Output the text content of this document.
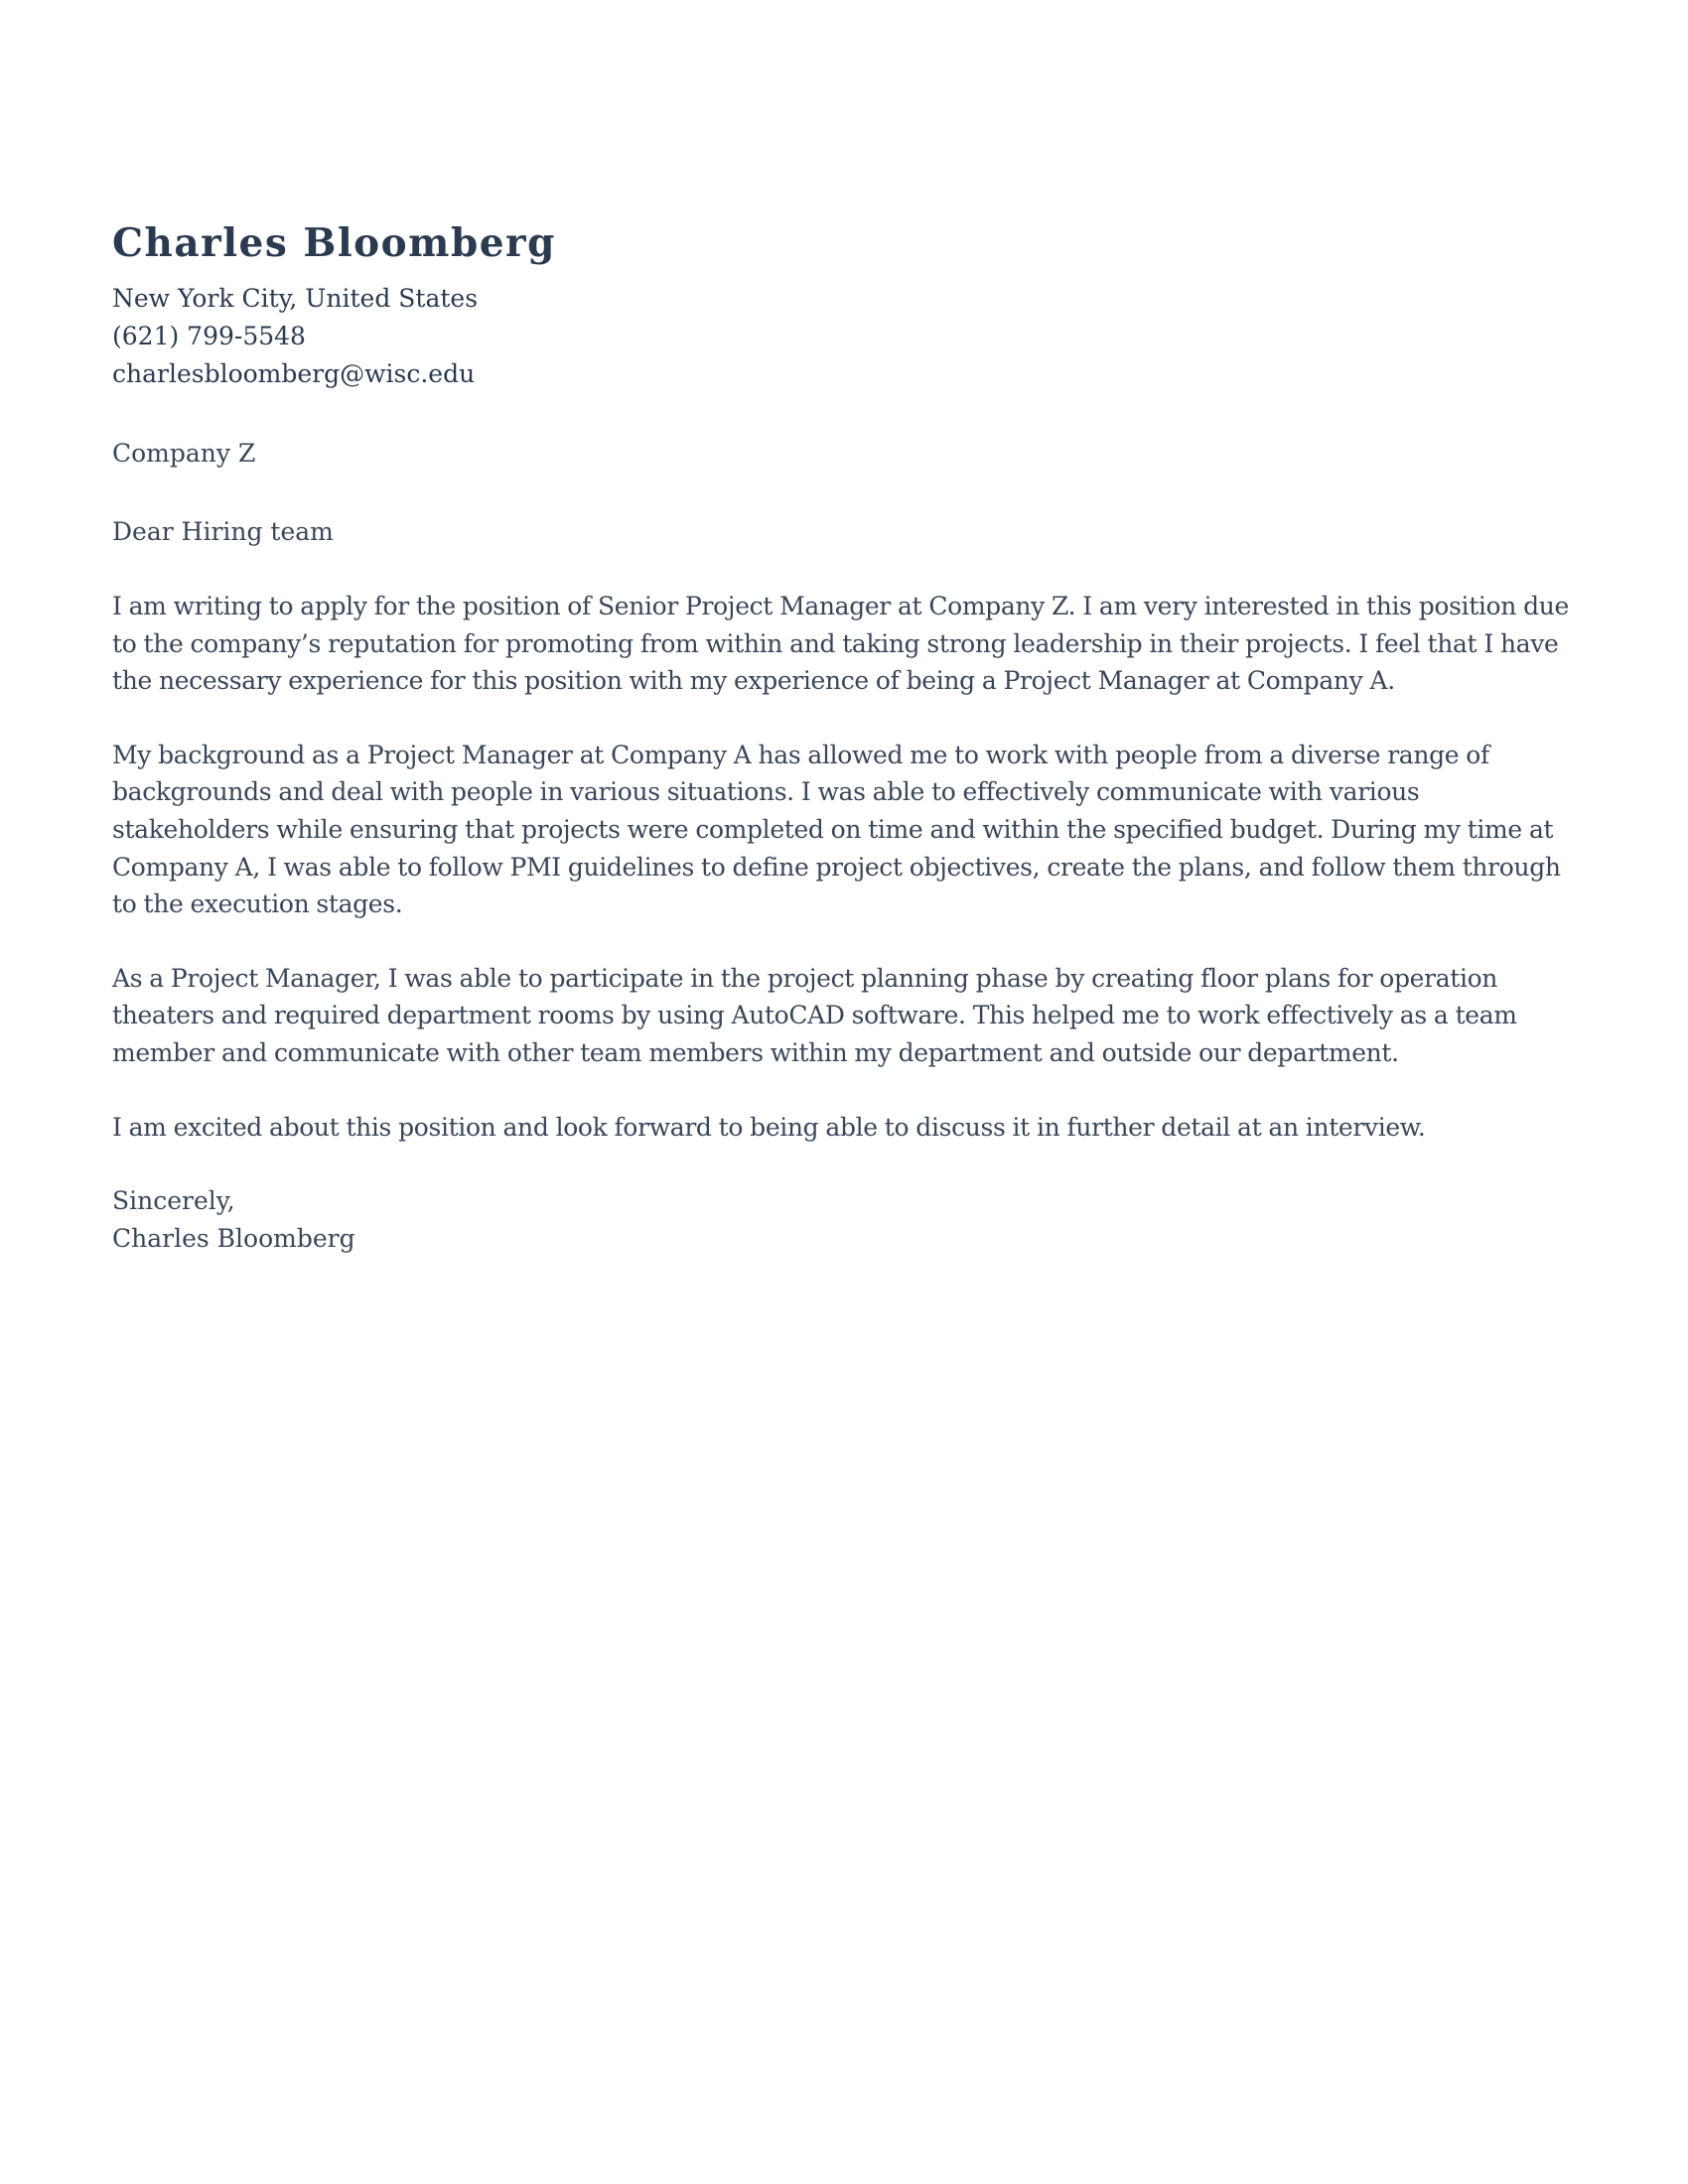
Charles Bloomberg
New York City, United States
(621) 799-5548
charlesbloomberg@wisc.edu
Company Z
Dear Hiring team
I am writing to apply for the position of Senior Project Manager at Company Z. I am very interested in this position due to the company’s reputation for promoting from within and taking strong leadership in their projects. I feel that I have the necessary experience for this position with my experience of being a Project Manager at Company A.
My background as a Project Manager at Company A has allowed me to work with people from a diverse range of backgrounds and deal with people in various situations. I was able to effectively communicate with various stakeholders while ensuring that projects were completed on time and within the specified budget. During my time at Company A, I was able to follow PMI guidelines to define project objectives, create the plans, and follow them through to the execution stages.
As a Project Manager, I was able to participate in the project planning phase by creating floor plans for operation theaters and required department rooms by using AutoCAD software. This helped me to work effectively as a team member and communicate with other team members within my department and outside our department.
I am excited about this position and look forward to being able to discuss it in further detail at an interview.
Sincerely,
Charles Bloomberg
